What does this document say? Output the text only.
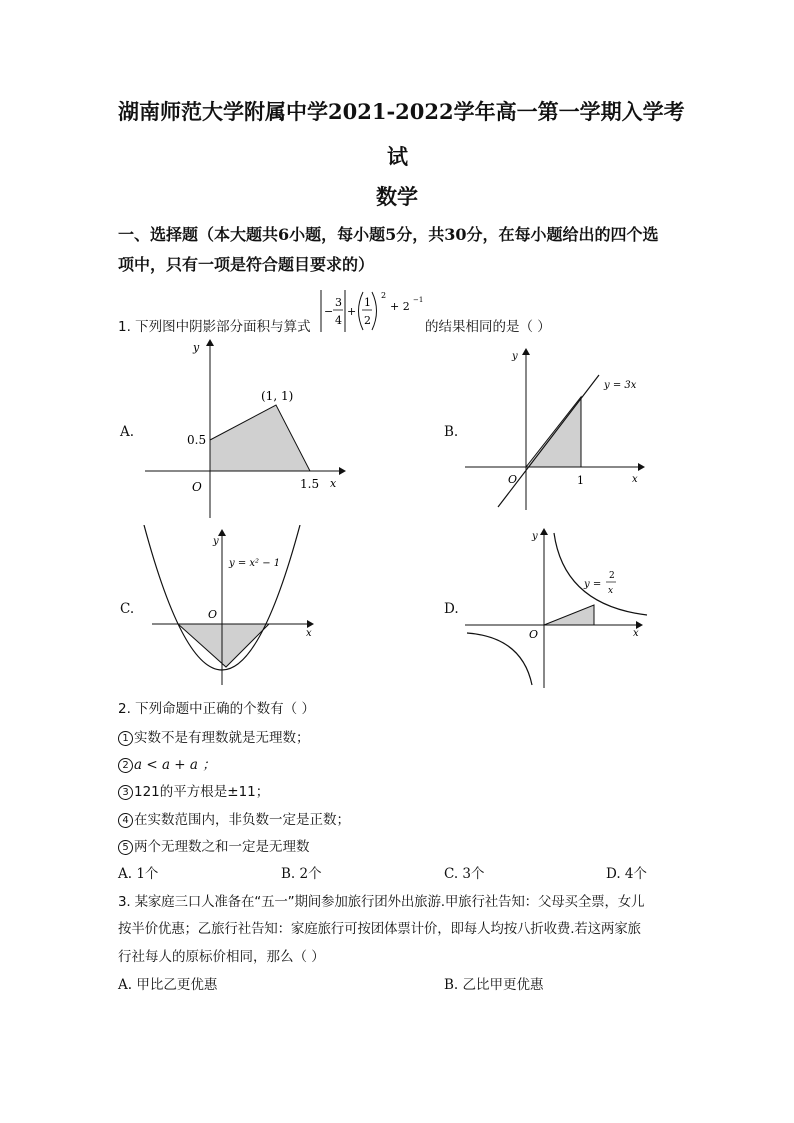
湖南师范大学附属中学2021-2022学年高一第一学期入学考
试
数学
一、选择题（本大题共6小题，每小题5分，共30分，在每小题给出的四个选
项中，只有一项是符合题目要求的）
1. 下列图中阴影部分面积与算式
−
3
4
+
1
2
2
+ 2 −1
的结果相同的是（ ）
A.
y
x
O
0.5
(1, 1)
1.5
B.
y
x
O	1
y = 3x
C.
y
x
O
y = x² − 1
D.
y
x
O
y =
2
x
2. 下列命题中正确的个数有（ ）
1 实数不是有理数就是无理数；
2 a < a + a ；
3 121的平方根是±11；
4 在实数范围内，非负数一定是正数；
5 两个无理数之和一定是无理数
A. 1个	B. 2个	C. 3个	D. 4个
3. 某家庭三口人准备在“五一”期间参加旅行团外出旅游.甲旅行社告知：父母买全票，女儿
按半价优惠；乙旅行社告知：家庭旅行可按团体票计价，即每人均按八折收费.若这两家旅
行社每人的原标价相同，那么（ ）
A. 甲比乙更优惠	B. 乙比甲更优惠
